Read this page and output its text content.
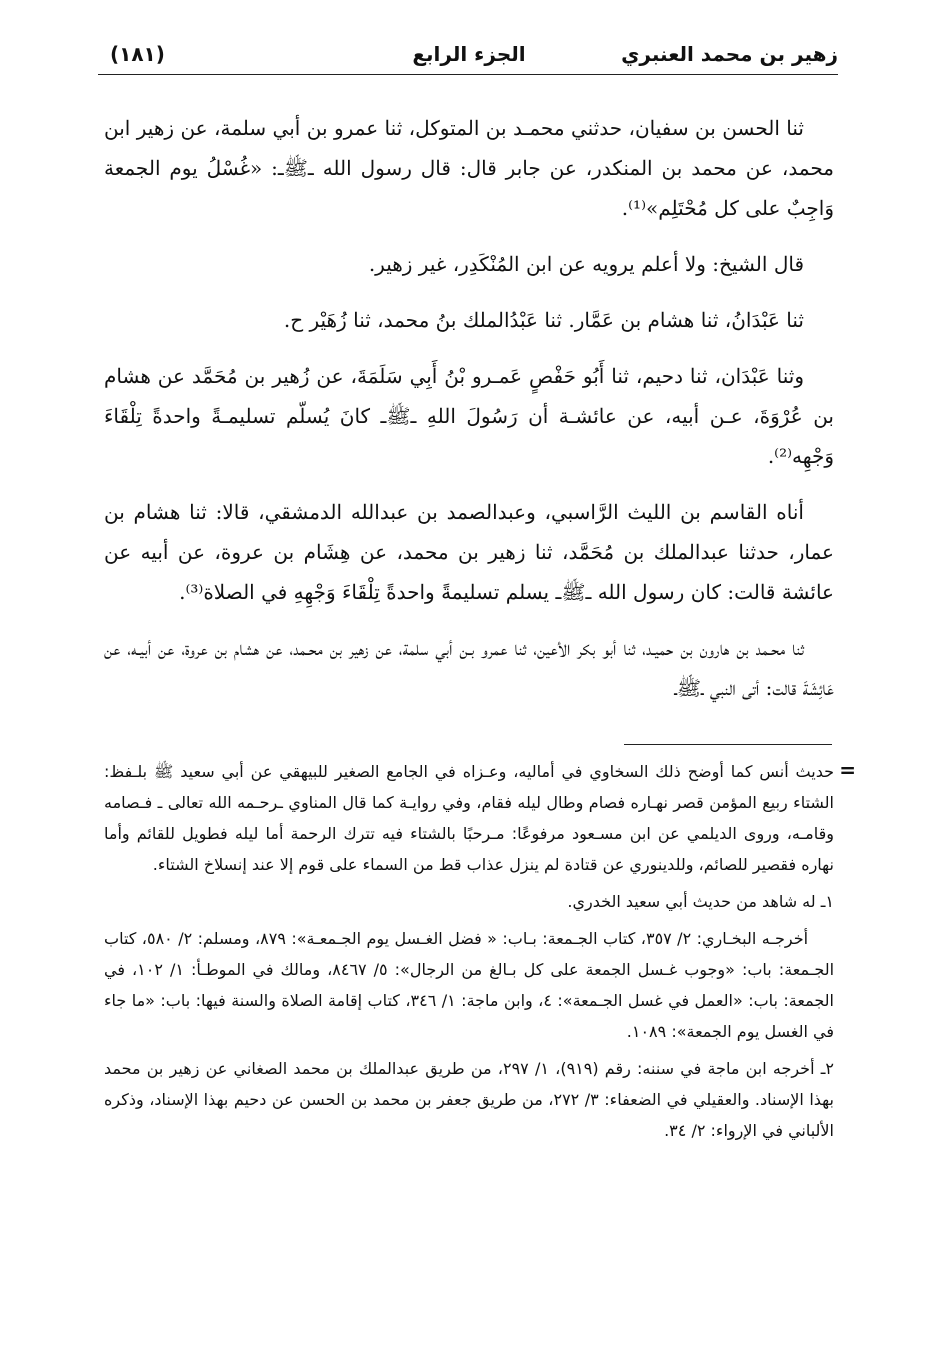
(١٨١)	الجزء الرابع	زهير بن محمد العنبري

ثنا الحسن بن سفيان، حدثني محمـد بن المتوكل، ثنا عمرو بن أبي سلمة، عن زهير ابن محمد، عن محمد بن المنكدر، عن جابر قال: قال رسول الله ـﷺـ: «غُسْلُ يوم الجمعة وَاجِبٌ على كل مُحْتَلِم»⁽¹⁾.

قال الشيخ: ولا أعلم يرويه عن ابن المُنْكَدِر، غير زهير.

ثنا عَبْدَانُ، ثنا هشام بن عَمَّار. ثنا عَبْدُالملك بنُ محمد، ثنا زُهَيْر ح.

وثنا عَبْدَان، ثنا دحيم، ثنا أَبُو حَفْصٍ عَمـرو بْنُ أَبِي سَلَمَةَ، عن زُهير بن مُحَمَّد عن هشام بن عُرْوَةَ، عـن أبيه، عن عائشـة أن رَسُولَ اللهِ ـﷺـ كانَ يُسلّم تسليمـةً واحدةً تِلْقَاءَ وَجْهِه⁽²⁾.

أناه القاسم بن الليث الرَّاسبي، وعبدالصمد بن عبدالله الدمشقي، قالا: ثنا هشام بن عمار، حدثنا عبدالملك بن مُحَمَّد، ثنا زهير بن محمد، عن هِشَام بن عروة، عن أبيه عن عائشة قالت: كان رسول الله ـﷺـ يسلم تسليمةً واحدةً تِلْقَاءَ وَجْهِهِ في الصلاة⁽³⁾.

ثنا محـمد بن هارون بن حميـد، ثنا أبو بكر الأعين، ثنا عمرو بـن أبي سلمة، عن زهير بن محـمد، عن هشام بن عروة، عن أبيـه، عن عَائِشَةَ قالت: أتى النبي ـﷺـ

=

حديث أنس كما أوضح ذلك السخاوي في أماليه، وعـزاه في الجامع الصغير للبيهقي عن أبي سعيد ﷺ بلـفظ: الشتاء ربيع المؤمن قصر نهـاره فصام وطال ليله فقام، وفي روايـة كما قال المناوي ـرحـمه الله تعالى ـ فـصامه وقامـه، وروى الديلمي عن ابن مسـعود مرفوعًا: مـرحبًا بالشتاء فيه تترك الرحمة أما ليله فطويل للقائم وأما نهاره فقصير للصائم، وللدينوري عن قتادة لم ينزل عذاب قط من السماء على قوم إلا عند إنسلاخ الشتاء.

١ـ له شاهد من حديث أبي سعيد الخدري.

أخرجـه البخـاري: ٢/ ٣٥٧، كتاب الجـمعة: بـاب: « فضل الغـسل يوم الجـمعـة»: ٨٧٩، ومسلم: ٢/ ٥٨٠، كتاب الجـمعة: باب: «وجوب غـسل الجمعة على كل بـالغ من الرجال»: ٥/ ٨٤٦٧، ومالك في الموطـأ: ١/ ١٠٢، في الجمعة: باب: «العمل في غسل الجـمعة»: ٤، وابن ماجة: ١/ ٣٤٦، كتاب إقامة الصلاة والسنة فيها: باب: «ما جاء في الغسل يوم الجمعة»: ١٠٨٩.

٢ـ أخرجه ابن ماجة في سننه: رقم (٩١٩)، ١/ ٢٩٧، من طريق عبدالملك بن محمد الصغاني عن زهير بن محمد بهذا الإسناد. والعقيلي في الضعفاء: ٣/ ٢٧٢، من طريق جعفر بن محمد بن الحسن عن دحيم بهذا الإسناد، وذكره الألباني في الإرواء: ٢/ ٣٤.
